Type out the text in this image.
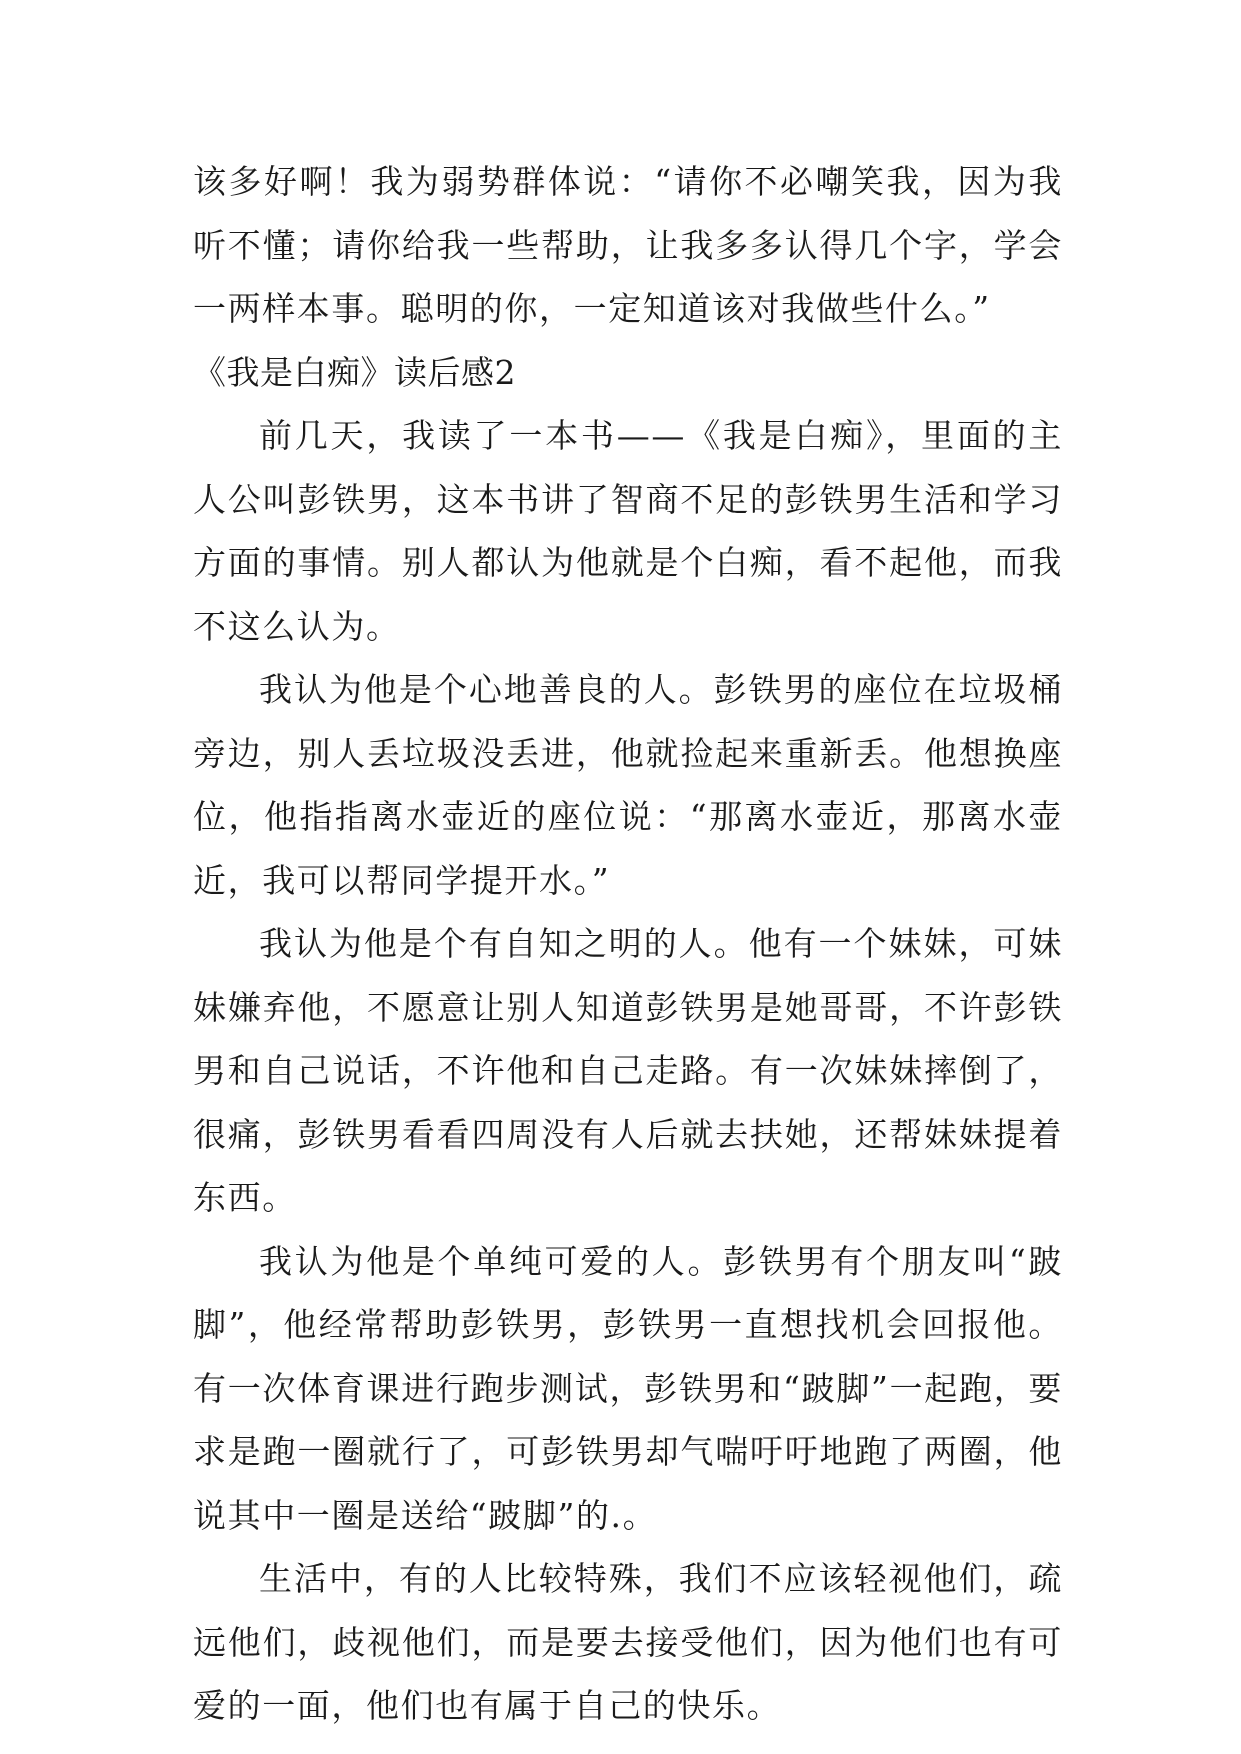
该多好啊！我为弱势群体说：“请你不必嘲笑我，因为我听不懂；请你给我一些帮助，让我多多认得几个字，学会一两样本事。聪明的你，一定知道该对我做些什么。”

《我是白痴》读后感2

前几天，我读了一本书——《我是白痴》，里面的主人公叫彭铁男，这本书讲了智商不足的彭铁男生活和学习方面的事情。别人都认为他就是个白痴，看不起他，而我不这么认为。

我认为他是个心地善良的人。彭铁男的座位在垃圾桶旁边，别人丢垃圾没丢进，他就捡起来重新丢。他想换座位，他指指离水壶近的座位说：“那离水壶近，那离水壶近，我可以帮同学提开水。”

我认为他是个有自知之明的人。他有一个妹妹，可妹妹嫌弃他，不愿意让别人知道彭铁男是她哥哥，不许彭铁男和自己说话，不许他和自己走路。有一次妹妹摔倒了，很痛，彭铁男看看四周没有人后就去扶她，还帮妹妹提着东西。

我认为他是个单纯可爱的人。彭铁男有个朋友叫“跛脚”，他经常帮助彭铁男，彭铁男一直想找机会回报他。有一次体育课进行跑步测试，彭铁男和“跛脚”一起跑，要求是跑一圈就行了，可彭铁男却气喘吁吁地跑了两圈，他说其中一圈是送给“跛脚”的.。

生活中，有的人比较特殊，我们不应该轻视他们，疏远他们，歧视他们，而是要去接受他们，因为他们也有可爱的一面，他们也有属于自己的快乐。
